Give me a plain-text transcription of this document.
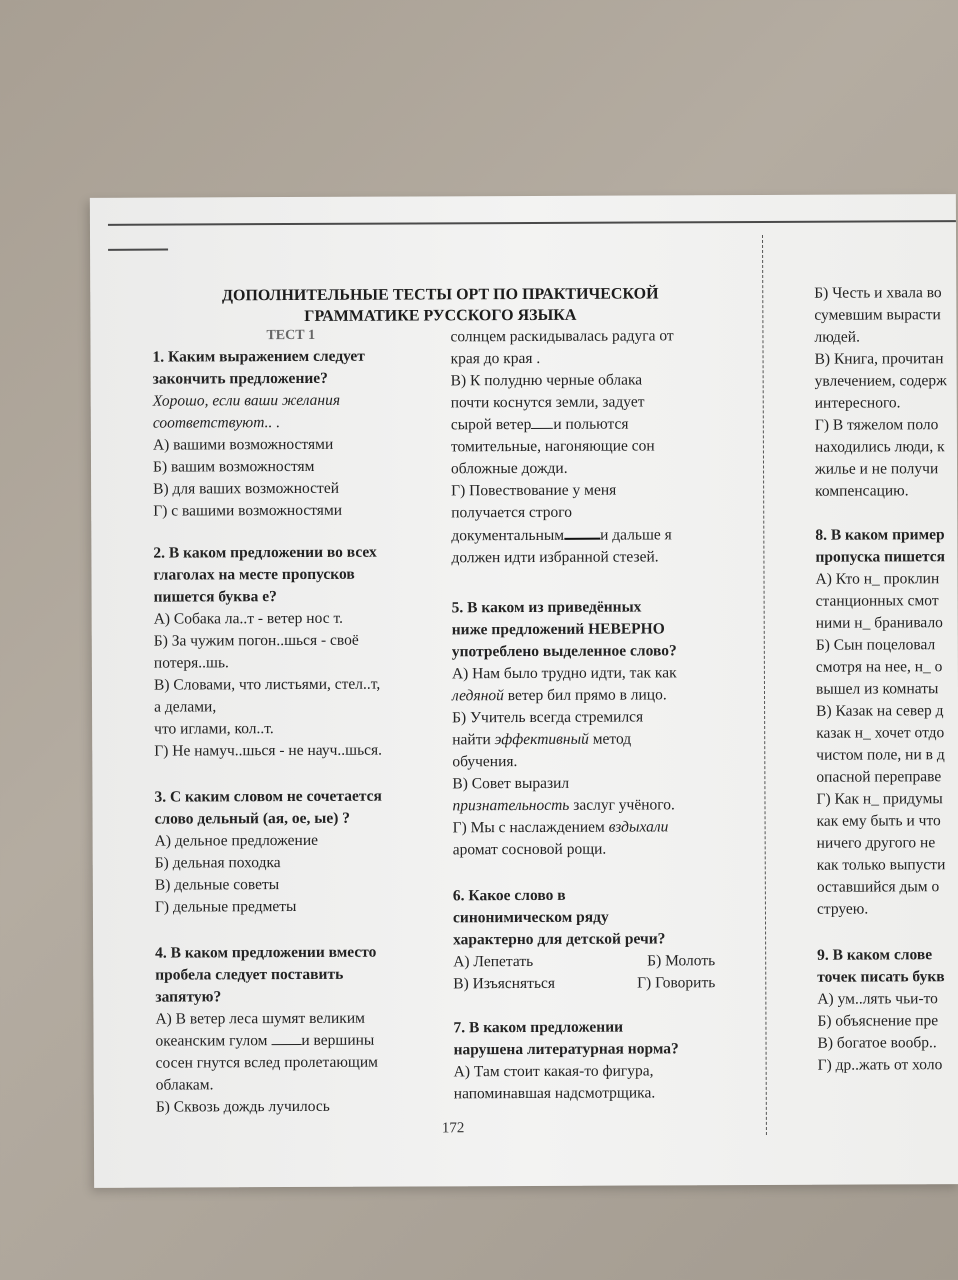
ДОПОЛНИТЕЛЬНЫЕ ТЕСТЫ ОРТ ПО ПРАКТИЧЕСКОЙ
ГРАММАТИКЕ РУССКОГО ЯЗЫКА
ТЕСТ 1
1. Каким выражением следует
закончить предложение?
Хорошо, если ваши желания
соответствуют.. .
А) вашими возможностями
Б) вашим возможностям
В) для ваших возможностей
Г) с вашими возможностями
2. В каком предложении во всех
глаголах на месте пропусков
пишется буква е?
А) Собака ла..т - ветер нос т.
Б) За чужим погон..шься - своё
потеря..шь.
В) Словами, что листьями, стел..т,
а делами,
что иглами, кол..т.
Г) Не намуч..шься - не науч..шься.
3. С каким словом не сочетается
слово дельный (ая, ое, ые) ?
А) дельное предложение
Б) дельная походка
В) дельные советы
Г) дельные предметы
4. В каком предложении вместо
пробела следует поставить
запятую?
А) В ветер леса шумят великим
океанским гулом и вершины
сосен гнутся вслед пролетающим
облакам.
Б) Сквозь дождь лучилось
солнцем раскидывалась радуга от
края до края .
В) К полудню черные облака
почти коснутся земли, задует
сырой ветер и польются
томительные, нагоняющие сон
обложные дожди.
Г) Повествование у меня
получается строго
документальным и дальше я
должен идти избранной стезей.
5. В каком из приведённых
ниже предложений НЕВЕРНО
употреблено выделенное слово?
А) Нам было трудно идти, так как
ледяной ветер бил прямо в лицо.
Б) Учитель всегда стремился
найти эффективный метод
обучения.
В) Совет выразил
признательность заслуг учёного.
Г) Мы с наслаждением вздыхали
аромат сосновой рощи.
6. Какое слово в
синонимическом ряду
характерно для детской речи?
А) Лепетать	Б) Молоть
В) Изъясняться	Г) Говорить
7. В каком предложении
нарушена литературная норма?
А) Там стоит какая-то фигура,
напоминавшая надсмотрщика.
Б) Честь и хвала во
сумевшим вырасти
людей.
В) Книга, прочитан
увлечением, содерж
интересного.
Г) В тяжелом поло
находились люди, к
жилье и не получи
компенсацию.
8. В каком пример
пропуска пишется
А) Кто н_ проклин
станционных смот
ними н_ бранивало
Б) Сын поцеловал
смотря на нее, н_ о
вышел из комнаты
В) Казак на север д
казак н_ хочет отдо
чистом поле, ни в д
опасной переправе
Г) Как н_ придумы
как ему быть и что
ничего другого не
как только выпусти
оставшийся дым о
струею.
9. В каком слове
точек писать букв
А) ум..лять чьи-то
Б) объяснение пре
В) богатое вообр..
Г) др..жать от холо
172
